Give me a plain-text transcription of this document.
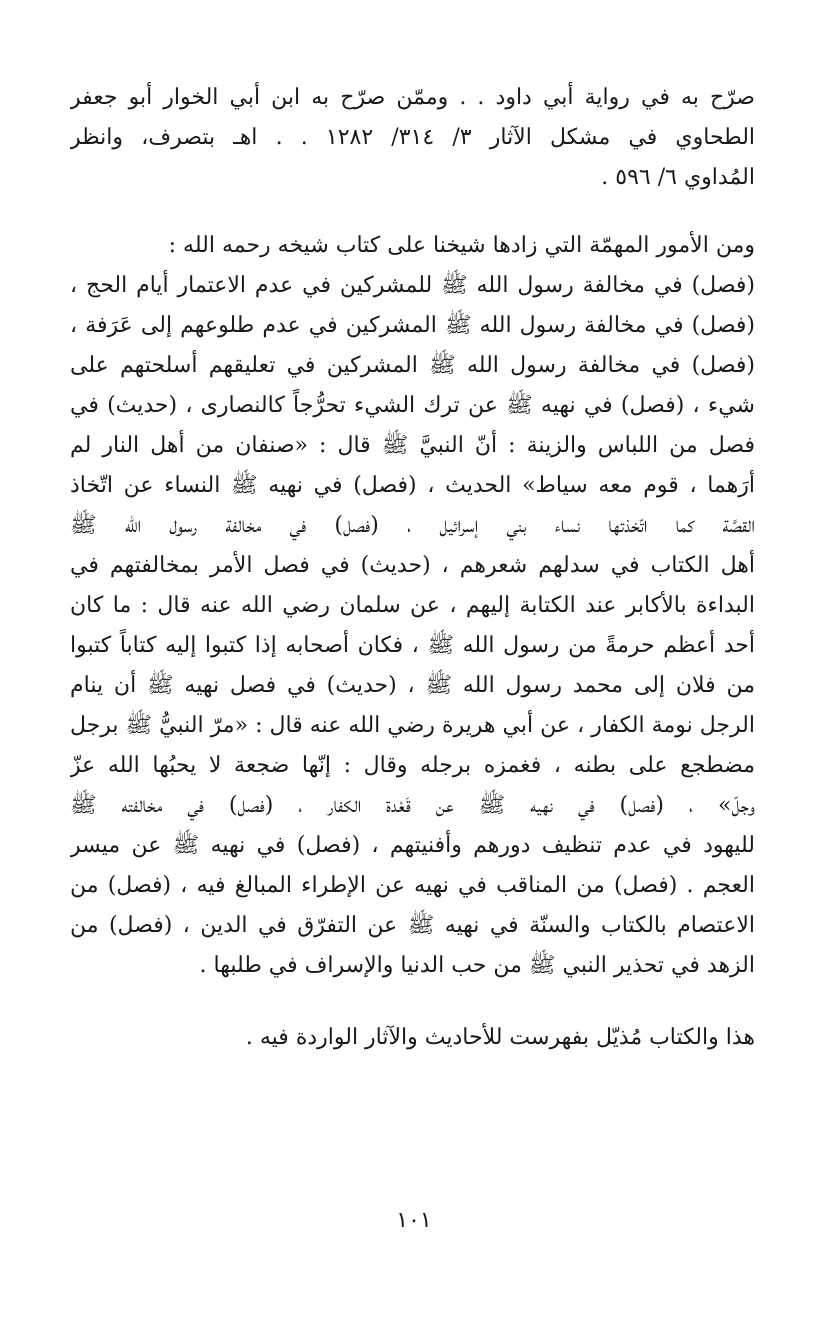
صرّح به في رواية أبي داود . . وممّن صرّح به ابن أبي الخوار أبو جعفر
الطحاوي في مشكل الآثار ٣/ ٣١٤/ ١٢٨٢ . . اهـ بتصرف، وانظر
المُداوي ٦/ ٥٩٦ .
ومن الأمور المهمّة التي زادها شيخنا على كتاب شيخه رحمه الله :
(فصل) في مخالفة رسول الله ﷺ للمشركين في عدم الاعتمار أيام الحج ،
(فصل) في مخالفة رسول الله ﷺ المشركين في عدم طلوعهم إلى عَرَفة ،
(فصل) في مخالفة رسول الله ﷺ المشركين في تعليقهم أسلحتهم على
شيء ، (فصل) في نهيه ﷺ عن ترك الشيء تحرُّجاً كالنصارى ، (حديث) في
فصل من اللباس والزينة : أنّ النبيَّ ﷺ قال : «صنفان من أهل النار لم
أرَهما ، قوم معه سياط» الحديث ، (فصل) في نهيه ﷺ النساء عن اتّخاذ
القصَّة كما اتّخذتها نساء بني إسرائيل ، (فصل) في مخالفة رسول الله ﷺ
أهل الكتاب في سدلهم شعرهم ، (حديث) في فصل الأمر بمخالفتهم في
البداءة بالأكابر عند الكتابة إليهم ، عن سلمان رضي الله عنه قال : ما كان
أحد أعظم حرمةً من رسول الله ﷺ ، فكان أصحابه إذا كتبوا إليه كتاباً كتبوا
من فلان إلى محمد رسول الله ﷺ ، (حديث) في فصل نهيه ﷺ أن ينام
الرجل نومة الكفار ، عن أبي هريرة رضي الله عنه قال : «مرّ النبيُّ ﷺ برجل
مضطجع على بطنه ، فغمزه برجله وقال : إنّها ضجعة لا يحبُها الله عزّ
وجلّ» ، (فصل) في نهيه ﷺ عن قَعْدة الكفار ، (فصل) في مخالفته ﷺ
لليهود في عدم تنظيف دورهم وأفنيتهم ، (فصل) في نهيه ﷺ عن ميسر
العجم . (فصل) من المناقب في نهيه عن الإطراء المبالغ فيه ، (فصل) من
الاعتصام بالكتاب والسنّة في نهيه ﷺ عن التفرّق في الدين ، (فصل) من
الزهد في تحذير النبي ﷺ من حب الدنيا والإسراف في طلبها .
هذا والكتاب مُذيّل بفهرست للأحاديث والآثار الواردة فيه .
١٠١
